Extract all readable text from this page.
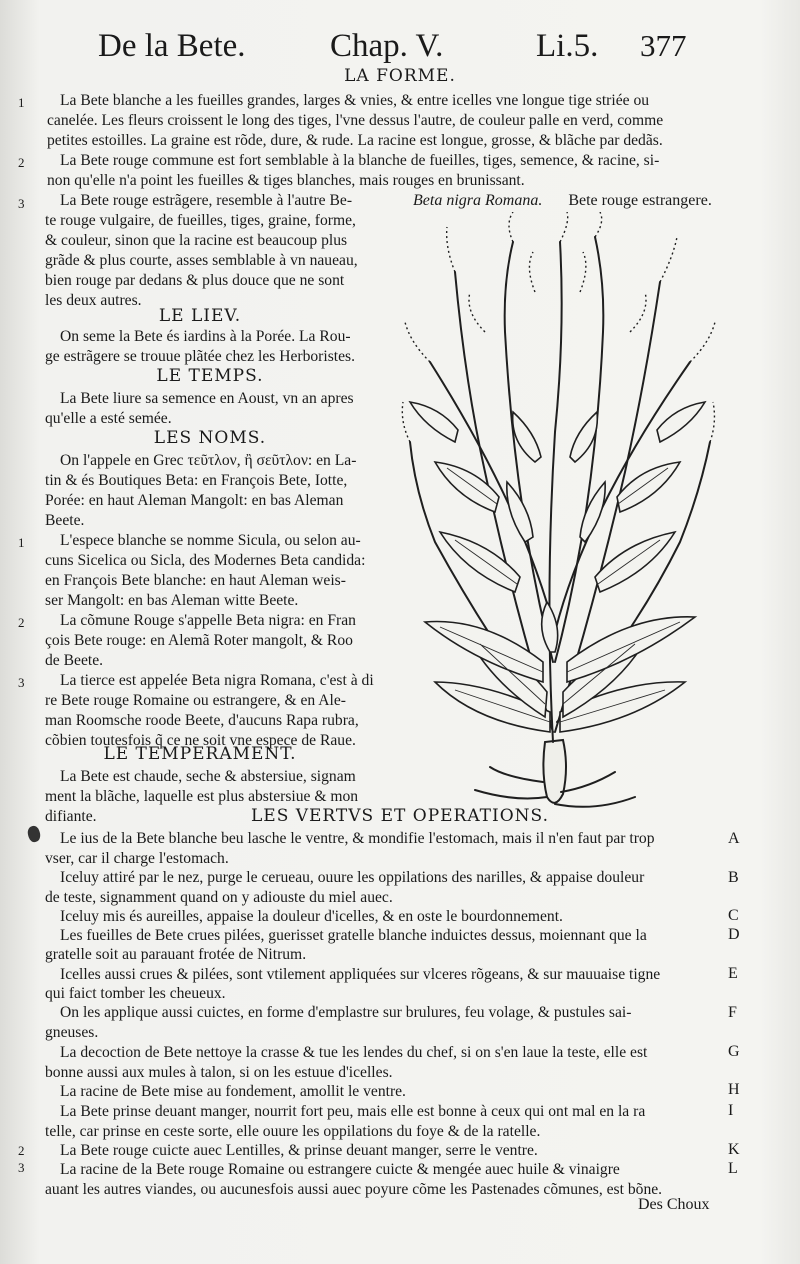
De la Bete.	Chap. V.	Li.5. 377
LA FORME.
La Bete blanche a les fueilles grandes, larges & vnies, & entre icelles vne longue tige striée ou
canelée. Les fleurs croissent le long des tiges, l'vne dessus l'autre, de couleur palle en verd, comme
petites estoilles. La graine est rõde, dure, & rude. La racine est longue, grosse, & blãche par dedãs.
La Bete rouge commune est fort semblable à la blanche de fueilles, tiges, semence, & racine, si-
non qu'elle n'a point les fueilles & tiges blanches, mais rouges en brunissant.
La Bete rouge estrãgere, resemble à l'autre Be-
te rouge vulgaire, de fueilles, tiges, graine, forme,
& couleur, sinon que la racine est beaucoup plus
grãde & plus courte, asses semblable à vn naueau,
bien rouge par dedans & plus douce que ne sont
les deux autres.
LE LIEV.
On seme la Bete és iardins à la Porée. La Rou-
ge estrãgere se trouue plãtée chez les Herboristes.
LE TEMPS.
La Bete liure sa semence en Aoust, vn an apres
qu'elle a esté semée.
LES NOMS.
On l'appele en Grec τεῦτλον, ἢ σεῦτλον: en La-
tin & és Boutiques Beta: en François Bete, Iotte,
Porée: en haut Aleman Mangolt: en bas Aleman
Beete.
L'espece blanche se nomme Sicula, ou selon au-
cuns Sicelica ou Sicla, des Modernes Beta candida:
en François Bete blanche: en haut Aleman weis-
ser Mangolt: en bas Aleman witte Beete.
La cõmune Rouge s'appelle Beta nigra: en Fran
çois Bete rouge: en Alemã Roter mangolt, & Roo
de Beete.
La tierce est appelée Beta nigra Romana, c'est à di
re Bete rouge Romaine ou estrangere, & en Ale-
man Roomsche roode Beete, d'aucuns Rapa rubra,
cõbien toutesfois q̃ ce ne soit vne espece de Raue.
LE TEMPERAMENT.
La Bete est chaude, seche & abstersiue, signam
ment la blãche, laquelle est plus abstersiue & mon
difiante.	LES VERTVS ET OPERATIONS.
Le ius de la Bete blanche beu lasche le ventre, & mondifie l'estomach, mais il n'en faut par trop
vser, car il charge l'estomach.
Iceluy attiré par le nez, purge le cerueau, ouure les oppilations des narilles, & appaise douleur
de teste, signamment quand on y adiouste du miel auec.
Iceluy mis és aureilles, appaise la douleur d'icelles, & en oste le bourdonnement.
Les fueilles de Bete crues pilées, guerisset gratelle blanche induictes dessus, moiennant que la
gratelle soit au parauant frotée de Nitrum.
Icelles aussi crues & pilées, sont vtilement appliquées sur vlceres rõgeans, & sur mauuaise tigne
qui faict tomber les cheueux.
On les applique aussi cuictes, en forme d'emplastre sur brulures, feu volage, & pustules sai-
gneuses.
La decoction de Bete nettoye la crasse & tue les lendes du chef, si on s'en laue la teste, elle est
bonne aussi aux mules à talon, si on les estuue d'icelles.
La racine de Bete mise au fondement, amollit le ventre.
La Bete prinse deuant manger, nourrit fort peu, mais elle est bonne à ceux qui ont mal en la ra
telle, car prinse en ceste sorte, elle ouure les oppilations du foye & de la ratelle.
La Bete rouge cuicte auec Lentilles, & prinse deuant manger, serre le ventre.
La racine de la Bete rouge Romaine ou estrangere cuicte & mengée auec huile & vinaigre
auant les autres viandes, ou aucunesfois aussi auec poyure cõme les Pastenades cõmunes, est bõne.
1
2
3
1
2
3
2
3
A
B
C
D
E
F
G
H
I
K
L
Beta nigra Romana. Bete rouge estrangere.
Des Choux
